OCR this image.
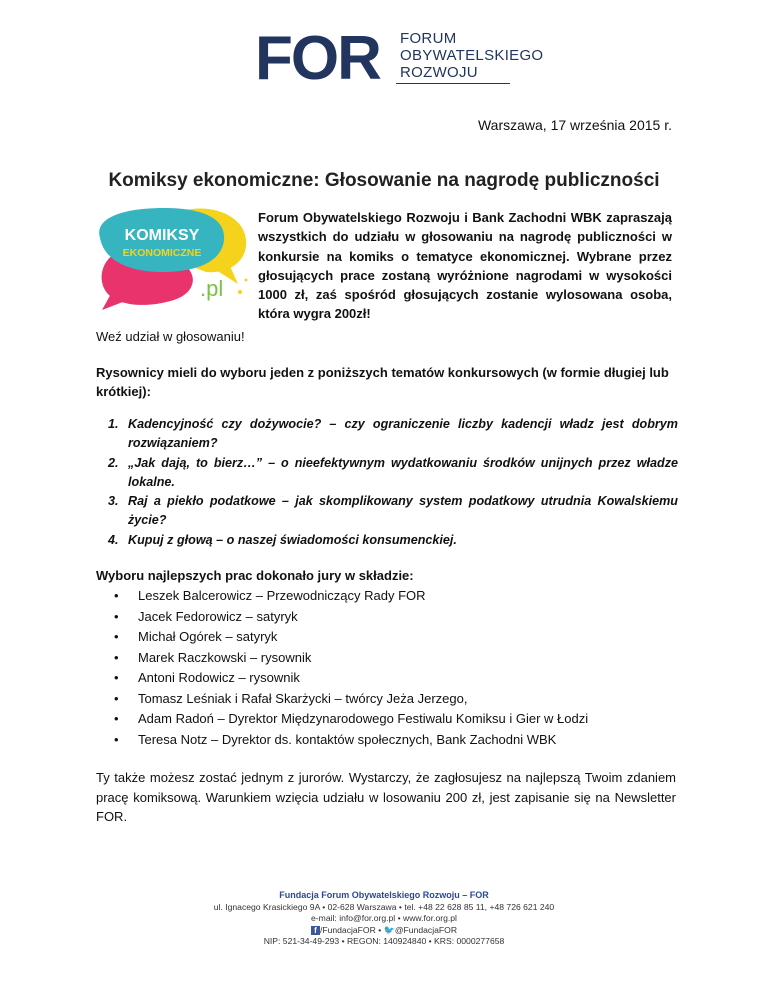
FOR FORUM
OBYWATELSKIEGO
ROZWOJU
Warszawa, 17 września 2015 r.
Komiksy ekonomiczne: Głosowanie na nagrodę publiczności
KOMIKSY
EKONOMICZNE
.pl
Forum Obywatelskiego Rozwoju i Bank Zachodni WBK zapraszają wszystkich do udziału w głosowaniu na nagrodę publiczności w konkursie na komiks o tematyce ekonomicznej. Wybrane przez głosujących prace zostaną wyróżnione nagrodami w wysokości 1000 zł, zaś spośród głosujących zostanie wylosowana osoba, która wygra 200zł!
Weź udział w głosowaniu!
Rysownicy mieli do wyboru jeden z poniższych tematów konkursowych (w formie długiej lub krótkiej):
1. Kadencyjność czy dożywocie? – czy ograniczenie liczby kadencji władz jest dobrym rozwiązaniem?
2. „Jak dają, to bierz…” – o nieefektywnym wydatkowaniu środków unijnych przez władze lokalne.
3. Raj a piekło podatkowe – jak skomplikowany system podatkowy utrudnia Kowalskiemu życie?
4. Kupuj z głową – o naszej świadomości konsumenckiej.
Wyboru najlepszych prac dokonało jury w składzie:
• Leszek Balcerowicz – Przewodniczący Rady FOR
• Jacek Fedorowicz – satyryk
• Michał Ogórek – satyryk
• Marek Raczkowski – rysownik
• Antoni Rodowicz – rysownik
• Tomasz Leśniak i Rafał Skarżycki – twórcy Jeża Jerzego,
• Adam Radoń – Dyrektor Międzynarodowego Festiwalu Komiksu i Gier w Łodzi
• Teresa Notz – Dyrektor ds. kontaktów społecznych, Bank Zachodni WBK
Ty także możesz zostać jednym z jurorów. Wystarczy, że zagłosujesz na najlepszą Twoim zdaniem pracę komiksową. Warunkiem wzięcia udziału w losowaniu 200 zł, jest zapisanie się na Newsletter FOR.
Fundacja Forum Obywatelskiego Rozwoju – FOR
ul. Ignacego Krasickiego 9A • 02-628 Warszawa • tel. +48 22 628 85 11, +48 726 621 240
e-mail: info@for.org.pl • www.for.org.pl
f /FundacjaFOR • 🐦@FundacjaFOR
NIP: 521-34-49-293 • REGON: 140924840 • KRS: 0000277658
